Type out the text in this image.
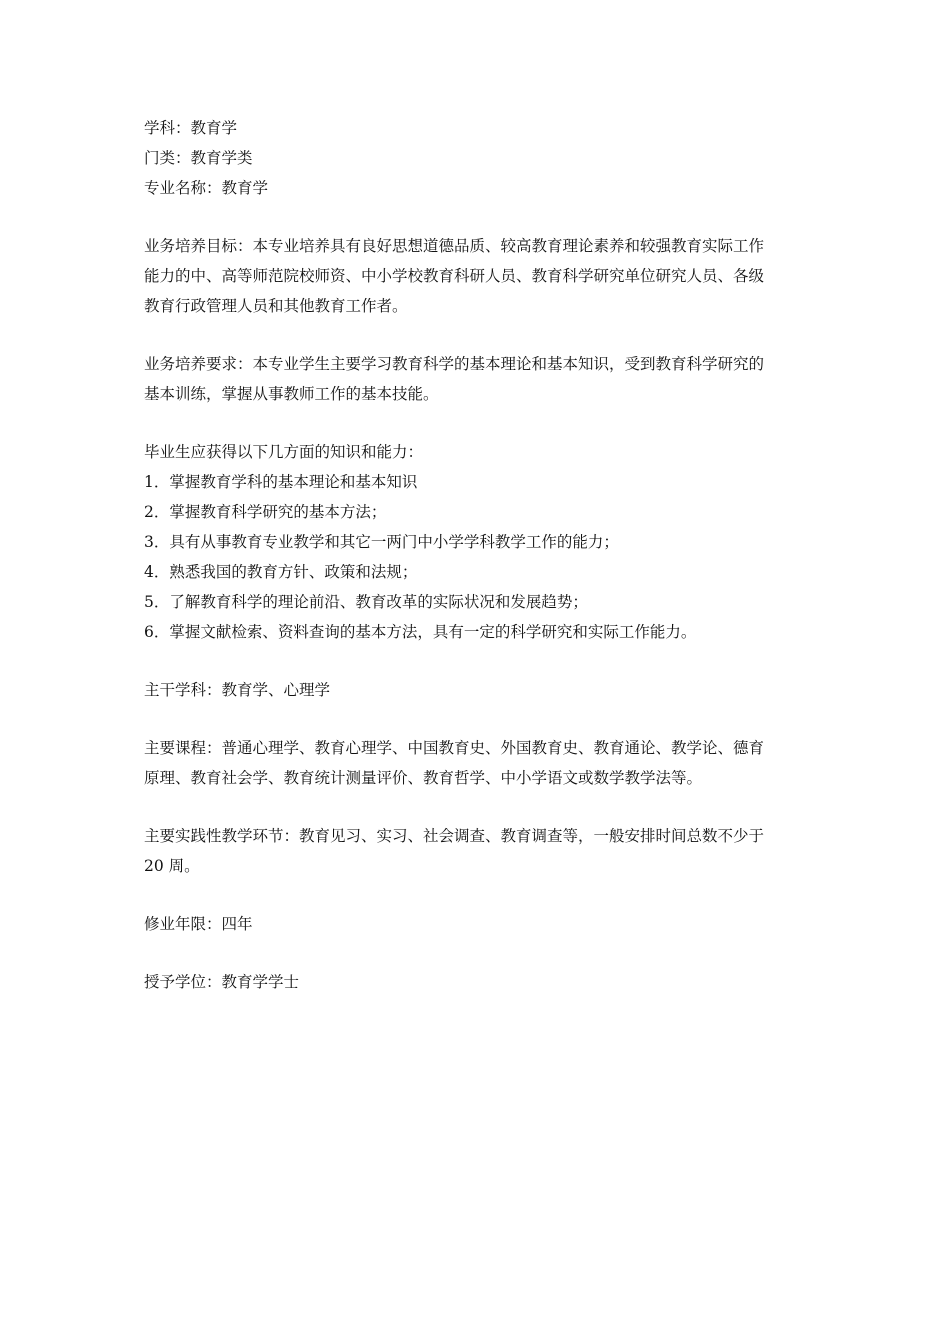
学科：教育学
门类：教育学类
专业名称：教育学
业务培养目标：本专业培养具有良好思想道德品质、较高教育理论素养和较强教育实际工作
能力的中、高等师范院校师资、中小学校教育科研人员、教育科学研究单位研究人员、各级
教育行政管理人员和其他教育工作者。
业务培养要求：本专业学生主要学习教育科学的基本理论和基本知识，受到教育科学研究的
基本训练，掌握从事教师工作的基本技能。
毕业生应获得以下几方面的知识和能力：
1．掌握教育学科的基本理论和基本知识
2．掌握教育科学研究的基本方法；
3．具有从事教育专业教学和其它一两门中小学学科教学工作的能力；
4．熟悉我国的教育方针、政策和法规；
5．了解教育科学的理论前沿、教育改革的实际状况和发展趋势；
6．掌握文献检索、资料查询的基本方法，具有一定的科学研究和实际工作能力。
主干学科：教育学、心理学
主要课程：普通心理学、教育心理学、中国教育史、外国教育史、教育通论、教学论、德育
原理、教育社会学、教育统计测量评价、教育哲学、中小学语文或数学教学法等。
主要实践性教学环节：教育见习、实习、社会调查、教育调查等，一般安排时间总数不少于
20 周。
修业年限：四年
授予学位：教育学学士
